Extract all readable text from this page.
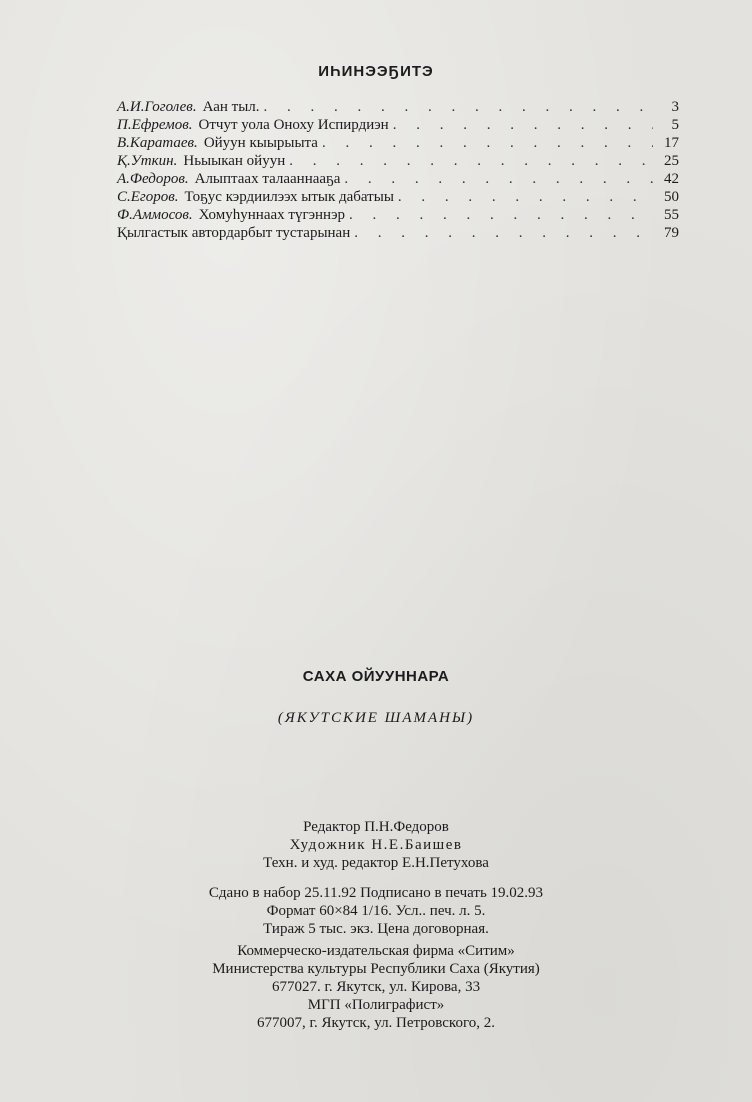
ИҺИНЭЭҔИТЭ
А.И.Гоголев. Аан тыл. . . .	3
П.Ефремов. Отчут уола Оноху Испирдиэн . . .	5
В.Каратаев. Ойуун кыырыыта . . .	17
Қ.Уткин. Ньыыкан ойуун . . .	25
А.Федоров. Алыптаах талааннааҕа . . .	42
С.Егоров. Тоҕус кэрдиилээх ытык дабатыы . . .	50
Ф.Аммосов. Хомуһуннаах түгэннэр . . .	55
Қылгастык автордарбыт тустарынан . . .	79
САХА ОЙУУННАРА
(ЯКУТСКИЕ ШАМАНЫ)
Редактор П.Н.Федоров
Художник Н.Е.Баишев
Техн. и худ. редактор Е.Н.Петухова
Сдано в набор 25.11.92 Подписано в печать 19.02.93
Формат 60×84 1/16. Усл.. печ. л. 5.
Тираж 5 тыс. экз. Цена договорная.
Коммерческо-издательская фирма «Ситим»
Министерства культуры Республики Саха (Якутия)
677027. г. Якутск, ул. Кирова, 33
МГП «Полиграфист»
677007, г. Якутск, ул. Петровского, 2.
